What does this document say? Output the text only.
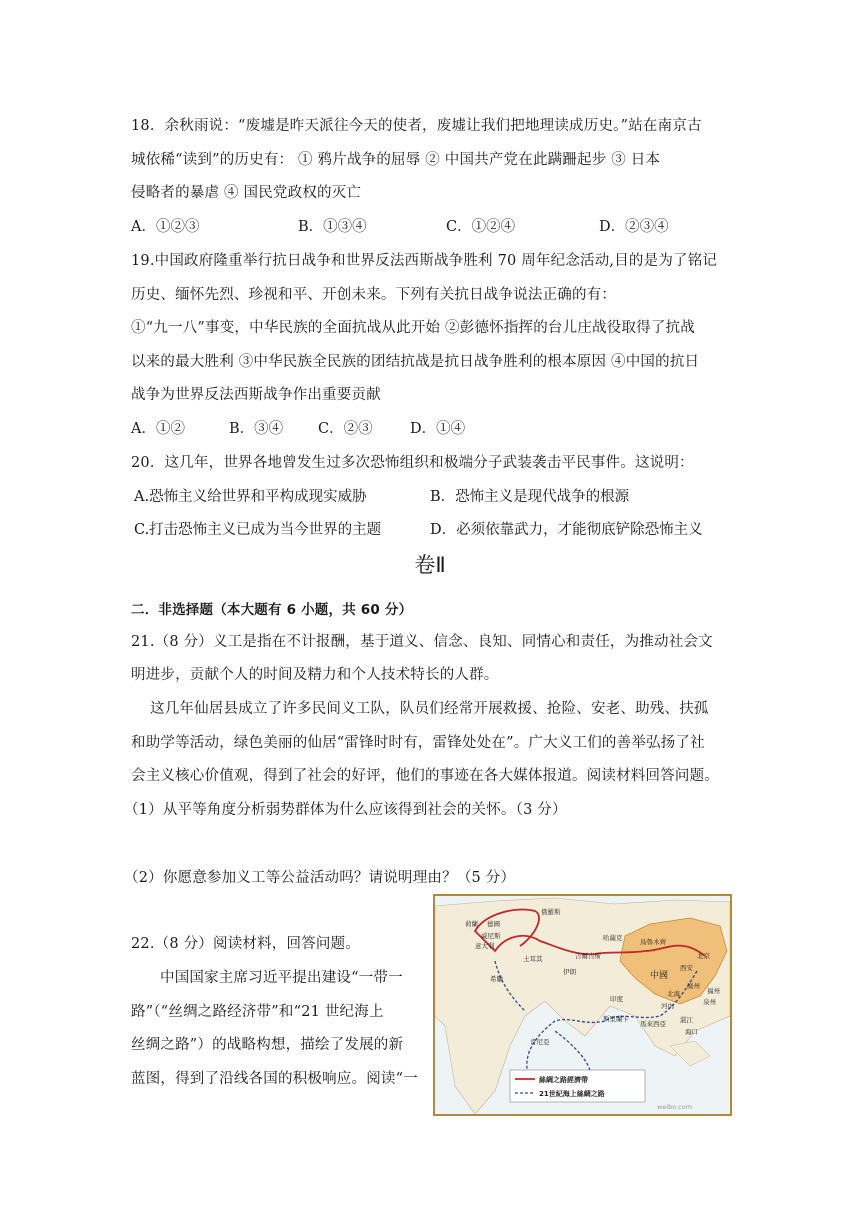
18．余秋雨说：“废墟是昨天派往今天的使者，废墟让我们把地理读成历史。”站在南京古
城依稀“读到”的历史有： ① 鸦片战争的屈辱 ② 中国共产党在此蹒跚起步 ③ 日本
侵略者的暴虐 ④ 国民党政权的灭亡
A．①②③	B．①③④	C．①②④	D．②③④
19.中国政府隆重举行抗日战争和世界反法西斯战争胜利 70 周年纪念活动,目的是为了铭记
历史、缅怀先烈、珍视和平、开创未来。下列有关抗日战争说法正确的有：
①“九一八”事变，中华民族的全面抗战从此开始 ②彭德怀指挥的台儿庄战役取得了抗战
以来的最大胜利 ③中华民族全民族的团结抗战是抗日战争胜利的根本原因 ④中国的抗日
战争为世界反法西斯战争作出重要贡献
A．①②	B．③④ C．②③	D．①④
20．这几年，世界各地曾发生过多次恐怖组织和极端分子武装袭击平民事件。这说明：
A.恐怖主义给世界和平构成现实威胁	B．恐怖主义是现代战争的根源
C.打击恐怖主义已成为当今世界的主题	D．必须依靠武力，才能彻底铲除恐怖主义
卷Ⅱ
二．非选择题（本大题有 6 小题，共 60 分）
21.（8 分）义工是指在不计报酬，基于道义、信念、良知、同情心和责任，为推动社会文
明进步，贡献个人的时间及精力和个人技术特长的人群。
这几年仙居县成立了许多民间义工队，队员们经常开展救援、抢险、安老、助残、扶孤
和助学等活动，绿色美丽的仙居“雷锋时时有，雷锋处处在”。广大义工们的善举弘扬了社
会主义核心价值观，得到了社会的好评，他们的事迹在各大媒体报道。阅读材料回答问题。
（1）从平等角度分析弱势群体为什么应该得到社会的关怀。（3 分）
（2）你愿意参加义工等公益活动吗？请说明理由？（5 分）
22.（8 分）阅读材料，回答问题。
中国国家主席习近平提出建设“一带一
路”（“丝绸之路经济带”和“21 世纪海上
丝绸之路”）的战略构想，描绘了发展的新
蓝图，得到了沿线各国的积极响应。阅读“一
俄羅斯
荷蘭 德國
意大利
土耳其
哈薩克	烏魯木齊
吉爾吉斯
中國
西安
北京
福州
泉州
廣州
湛江
海口
河內
印度
伊朗
希臘
斯里蘭卡
馬來西亞
肯尼亞
北海
威尼斯
絲綢之路經濟帶
21世紀海上絲綢之路
weibo.com
